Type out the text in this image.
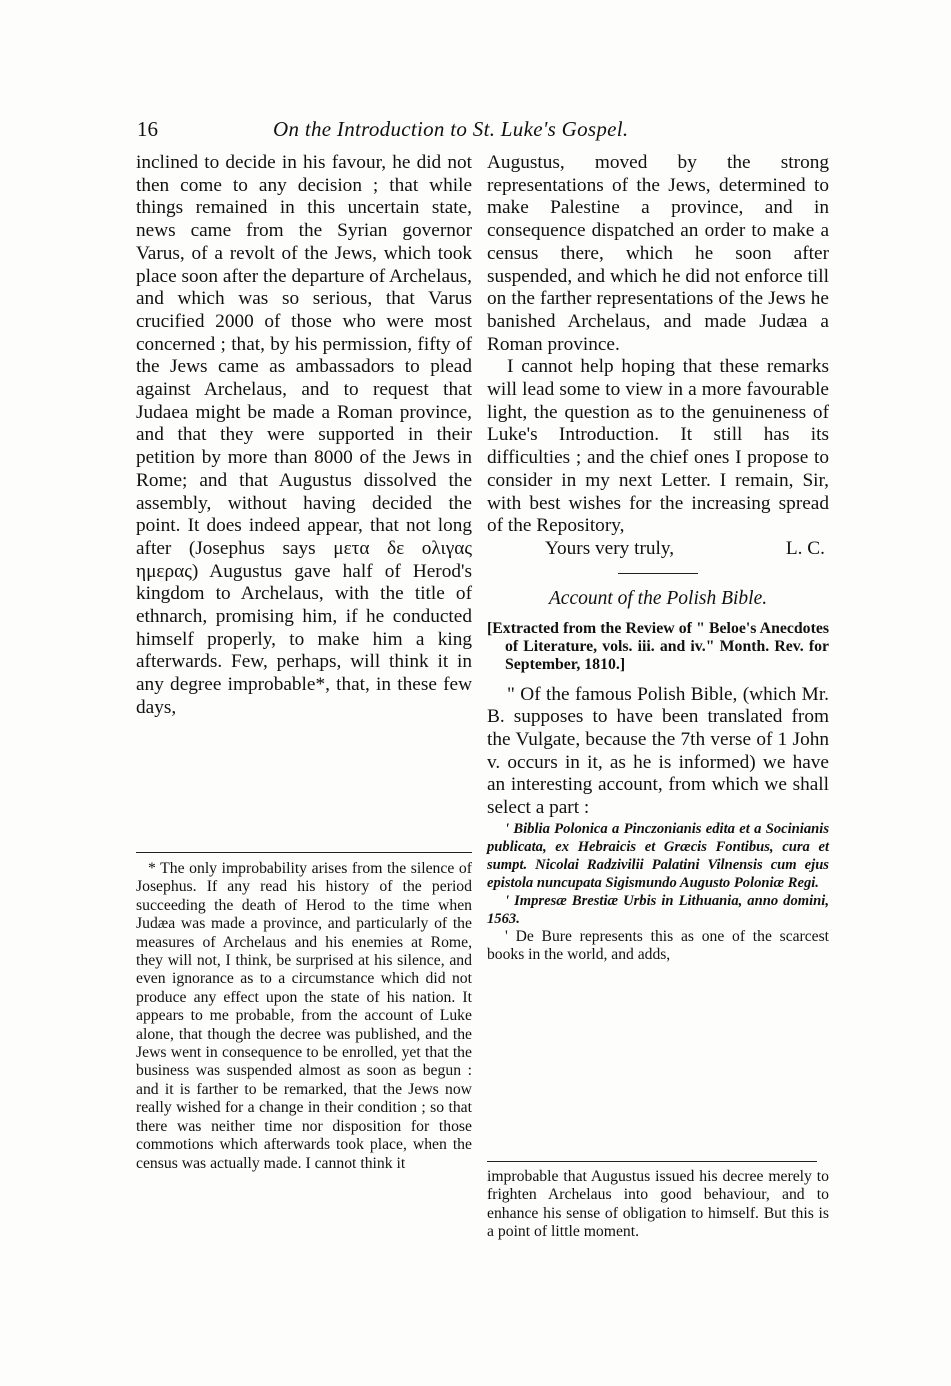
16	On the Introduction to St. Luke's Gospel.

inclined to decide in his favour, he did not then come to any decision ; that while things remained in this uncertain state, news came from the Syrian governor Varus, of a revolt of the Jews, which took place soon after the departure of Archelaus, and which was so serious, that Varus crucified 2000 of those who were most concerned ; that, by his permission, fifty of the Jews came as ambassadors to plead against Archelaus, and to request that Judaea might be made a Roman province, and that they were supported in their petition by more than 8000 of the Jews in Rome; and that Augustus dissolved the assembly, without having decided the point. It does indeed appear, that not long after (Josephus says μετα δε ολιγας ημερας) Augustus gave half of Herod's kingdom to Archelaus, with the title of ethnarch, promising him, if he conducted himself properly, to make him a king afterwards. Few, perhaps, will think it in any degree improbable*, that, in these few days,

* The only improbability arises from the silence of Josephus. If any read his history of the period succeeding the death of Herod to the time when Judæa was made a province, and particularly of the measures of Archelaus and his enemies at Rome, they will not, I think, be surprised at his silence, and even ignorance as to a circumstance which did not produce any effect upon the state of his nation. It appears to me probable, from the account of Luke alone, that though the decree was published, and the Jews went in consequence to be enrolled, yet that the business was suspended almost as soon as begun : and it is farther to be remarked, that the Jews now really wished for a change in their condition ; so that there was neither time nor disposition for those commotions which afterwards took place, when the census was actually made. I cannot think it

Augustus, moved by the strong representations of the Jews, determined to make Palestine a province, and in consequence dispatched an order to make a census there, which he soon after suspended, and which he did not enforce till on the farther representations of the Jews he banished Archelaus, and made Judæa a Roman province.

I cannot help hoping that these remarks will lead some to view in a more favourable light, the question as to the genuineness of Luke's Introduction. It still has its difficulties ; and the chief ones I propose to consider in my next Letter. I remain, Sir, with best wishes for the increasing spread of the Repository,

Yours very truly,	L. C.

Account of the Polish Bible.

[Extracted from the Review of " Beloe's Anecdotes of Literature, vols. iii. and iv." Month. Rev. for September, 1810.]

" Of the famous Polish Bible, (which Mr. B. supposes to have been translated from the Vulgate, because the 7th verse of 1 John v. occurs in it, as he is informed) we have an interesting account, from which we shall select a part :

' Biblia Polonica a Pinczonianis edita et a Socinianis publicata, ex Hebraicis et Græcis Fontibus, cura et sumpt. Nicolai Radzivilii Palatini Vilnensis cum ejus epistola nuncupata Sigismundo Augusto Poloniæ Regi.

' Impresæ Brestiæ Urbis in Lithuania, anno domini, 1563.

' De Bure represents this as one of the scarcest books in the world, and adds,

improbable that Augustus issued his decree merely to frighten Archelaus into good behaviour, and to enhance his sense of obligation to himself. But this is a point of little moment.
